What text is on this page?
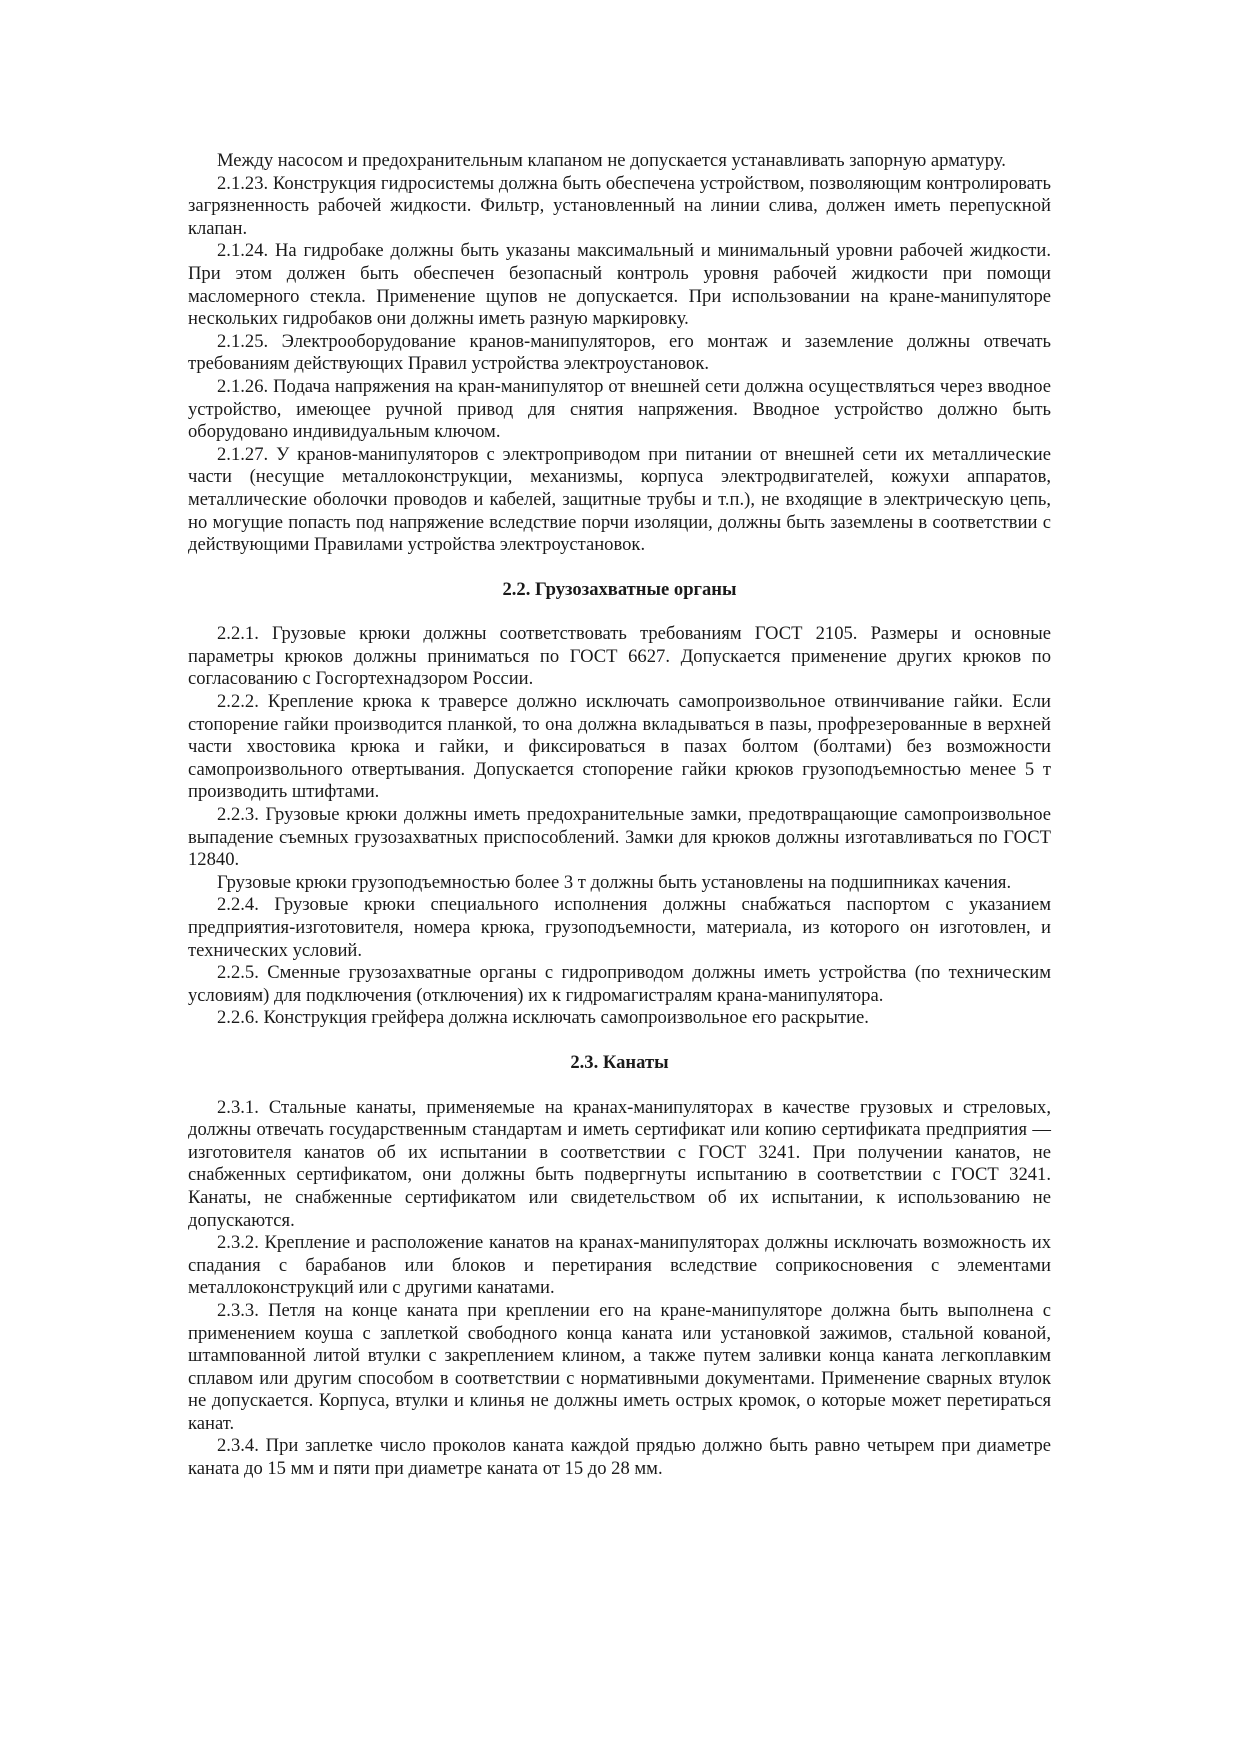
Между насосом и предохранительным клапаном не допускается устанавливать запорную арматуру.

2.1.23. Конструкция гидросистемы должна быть обеспечена устройством, позволяющим контролировать загрязненность рабочей жидкости. Фильтр, установленный на линии слива, должен иметь перепускной клапан.

2.1.24. На гидробаке должны быть указаны максимальный и минимальный уровни рабочей жидкости. При этом должен быть обеспечен безопасный контроль уровня рабочей жидкости при помощи масломерного стекла. Применение щупов не допускается. При использовании на кране-манипуляторе нескольких гидробаков они должны иметь разную маркировку.

2.1.25. Электрооборудование кранов-манипуляторов, его монтаж и заземление должны отвечать требованиям действующих Правил устройства электроустановок.

2.1.26. Подача напряжения на кран-манипулятор от внешней сети должна осуществляться через вводное устройство, имеющее ручной привод для снятия напряжения. Вводное устройство должно быть оборудовано индивидуальным ключом.

2.1.27. У кранов-манипуляторов с электроприводом при питании от внешней сети их металлические части (несущие металлоконструкции, механизмы, корпуса электродвигателей, кожухи аппаратов, металлические оболочки проводов и кабелей, защитные трубы и т.п.), не входящие в электрическую цепь, но могущие попасть под напряжение вследствие порчи изоляции, должны быть заземлены в соответствии с действующими Правилами устройства электроустановок.

2.2. Грузозахватные органы

2.2.1. Грузовые крюки должны соответствовать требованиям ГОСТ 2105. Размеры и основные параметры крюков должны приниматься по ГОСТ 6627. Допускается применение других крюков по согласованию с Госгортехнадзором России.

2.2.2. Крепление крюка к траверсе должно исключать самопроизвольное отвинчивание гайки. Если стопорение гайки производится планкой, то она должна вкладываться в пазы, профрезерованные в верхней части хвостовика крюка и гайки, и фиксироваться в пазах болтом (болтами) без возможности самопроизвольного отвертывания. Допускается стопорение гайки крюков грузоподъемностью менее 5 т производить штифтами.

2.2.3. Грузовые крюки должны иметь предохранительные замки, предотвращающие самопроизвольное выпадение съемных грузозахватных приспособлений. Замки для крюков должны изготавливаться по ГОСТ 12840.

Грузовые крюки грузоподъемностью более 3 т должны быть установлены на подшипниках качения.

2.2.4. Грузовые крюки специального исполнения должны снабжаться паспортом с указанием предприятия-изготовителя, номера крюка, грузоподъемности, материала, из которого он изготовлен, и технических условий.

2.2.5. Сменные грузозахватные органы с гидроприводом должны иметь устройства (по техническим условиям) для подключения (отключения) их к гидромагистралям крана-манипулятора.

2.2.6. Конструкция грейфера должна исключать самопроизвольное его раскрытие.

2.3. Канаты

2.3.1. Стальные канаты, применяемые на кранах-манипуляторах в качестве грузовых и стреловых, должны отвечать государственным стандартам и иметь сертификат или копию сертификата предприятия — изготовителя канатов об их испытании в соответствии с ГОСТ 3241. При получении канатов, не снабженных сертификатом, они должны быть подвергнуты испытанию в соответствии с ГОСТ 3241. Канаты, не снабженные сертификатом или свидетельством об их испытании, к использованию не допускаются.

2.3.2. Крепление и расположение канатов на кранах-манипуляторах должны исключать возможность их спадания с барабанов или блоков и перетирания вследствие соприкосновения с элементами металлоконструкций или с другими канатами.

2.3.3. Петля на конце каната при креплении его на кране-манипуляторе должна быть выполнена с применением коуша с заплеткой свободного конца каната или установкой зажимов, стальной кованой, штампованной литой втулки с закреплением клином, а также путем заливки конца каната легкоплавким сплавом или другим способом в соответствии с нормативными документами. Применение сварных втулок не допускается. Корпуса, втулки и клинья не должны иметь острых кромок, о которые может перетираться канат.

2.3.4. При заплетке число проколов каната каждой прядью должно быть равно четырем при диаметре каната до 15 мм и пяти при диаметре каната от 15 до 28 мм.
